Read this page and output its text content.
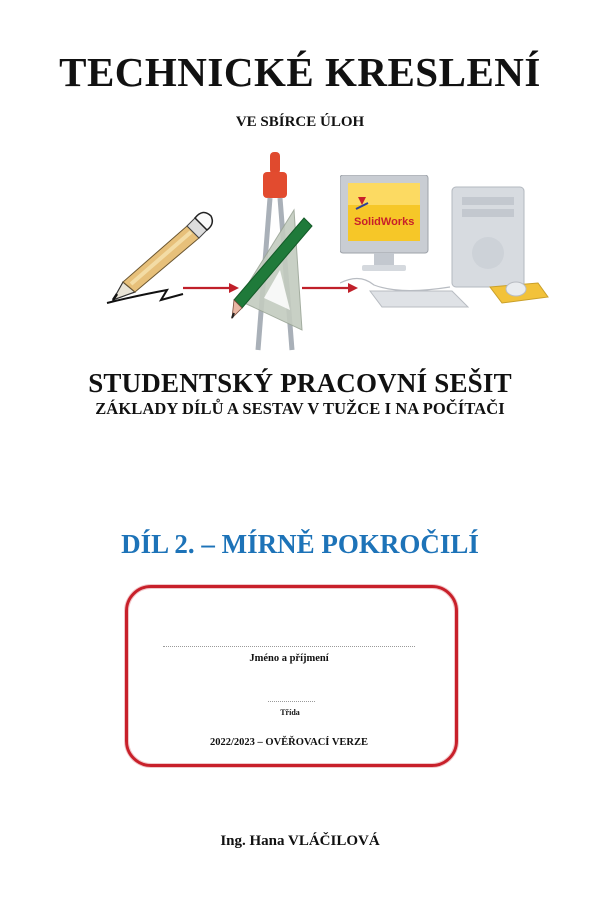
TECHNICKÉ KRESLENÍ
VE SBÍRCE ÚLOH
SolidWorks
STUDENTSKÝ PRACOVNÍ SEŠIT
ZÁKLADY DÍLŮ A SESTAV V TUŽCE I NA POČÍTAČI
DÍL 2. – MÍRNĚ POKROČILÍ
Jméno a příjmení
Třída
2022/2023 – OVĚŘOVACÍ VERZE
Ing. Hana VLÁČILOVÁ
